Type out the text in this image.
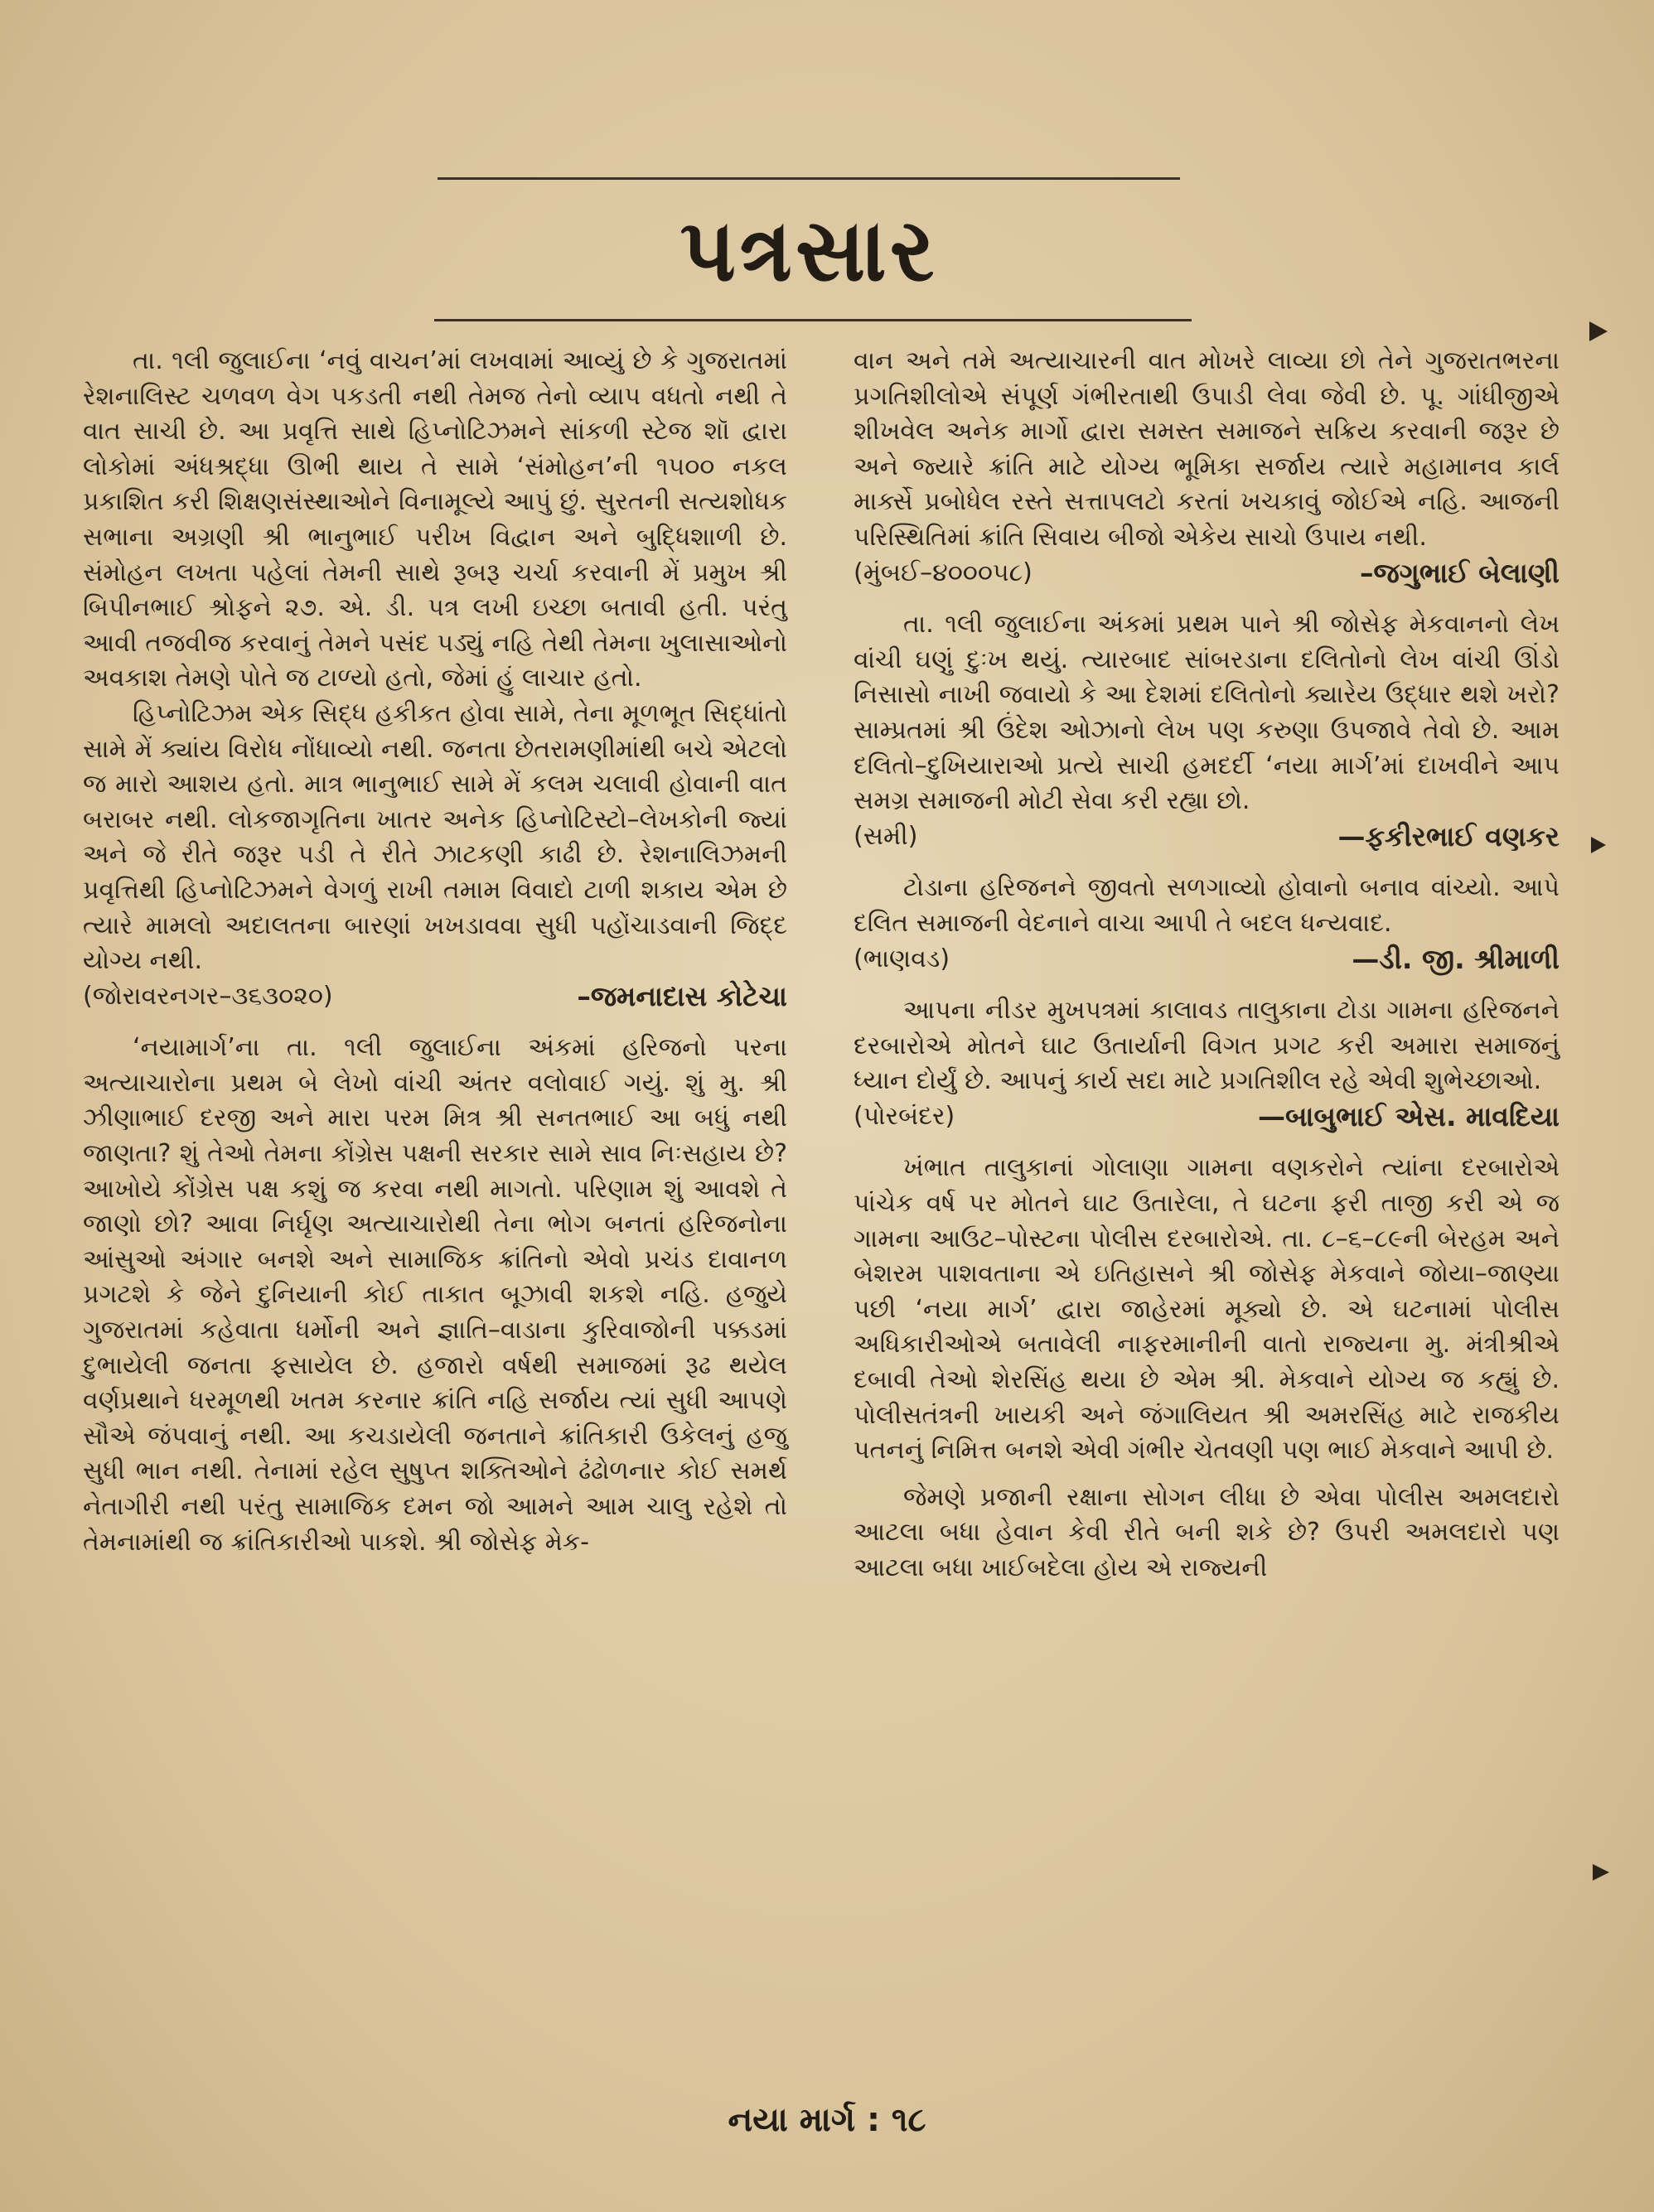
પત્રસાર

તા. ૧લી જુલાઈના ‘નવું વાચન’માં લખવામાં આવ્યું છે કે ગુજરાતમાં રેશનાલિસ્ટ ચળવળ વેગ પકડતી નથી તેમજ તેનો વ્યાપ વધતો નથી તે વાત સાચી છે. આ પ્રવૃત્તિ સાથે હિપ્નોટિઝમને સાંકળી સ્ટેજ શૉ દ્વારા લોકોમાં અંધશ્રદ્ધા ઊભી થાય તે સામે ‘સંમોહન’ની ૧૫૦૦ નકલ પ્રકાશિત કરી શિક્ષણસંસ્થાઓને વિનામૂલ્યે આપું છું. સુરતની સત્યશોધક સભાના અગ્રણી શ્રી ભાનુભાઈ પરીખ વિદ્વાન અને બુદ્ધિશાળી છે. સંમોહન લખતા પહેલાં તેમની સાથે રૂબરૂ ચર્ચા કરવાની મેં પ્રમુખ શ્રી બિપીનભાઈ શ્રોફને ૨૭. એ. ડી. પત્ર લખી ઇચ્છા બતાવી હતી. પરંતુ આવી તજવીજ કરવાનું તેમને પસંદ પડ્યું નહિ તેથી તેમના ખુલાસાઓનો અવકાશ તેમણે પોતે જ ટાળ્યો હતો, જેમાં હું લાચાર હતો.

હિપ્નોટિઝમ એક સિદ્ધ હકીકત હોવા સામે, તેના મૂળભૂત સિદ્ધાંતો સામે મેં ક્યાંય વિરોધ નોંધાવ્યો નથી. જનતા છેતરામણીમાંથી બચે એટલો જ મારો આશય હતો. માત્ર ભાનુભાઈ સામે મેં કલમ ચલાવી હોવાની વાત બરાબર નથી. લોકજાગૃતિના ખાતર અનેક હિપ્નોટિસ્ટો–લેખકોની જ્યાં અને જે રીતે જરૂર પડી તે રીતે ઝાટકણી કાઢી છે. રેશનાલિઝમની પ્રવૃત્તિથી હિપ્નોટિઝમને વેગળું રાખી તમામ વિવાદો ટાળી શકાય એમ છે ત્યારે મામલો અદાલતના બારણાં ખખડાવવા સુધી પહોંચાડવાની જિદ્દ યોગ્ય નથી.

(જોરાવરનગર–૩૬૩૦૨૦)	–જમનાદાસ કોટેચા

‘નયામાર્ગ’ના તા. ૧લી જુલાઈના અંકમાં હરિજનો પરના અત્યાચારોના પ્રથમ બે લેખો વાંચી અંતર વલોવાઈ ગયું. શું મુ. શ્રી ઝીણાભાઈ દરજી અને મારા પરમ મિત્ર શ્રી સનતભાઈ આ બધું નથી જાણતા? શું તેઓ તેમના કોંગ્રેસ પક્ષની સરકાર સામે સાવ નિઃસહાય છે? આખોયે કોંગ્રેસ પક્ષ કશું જ કરવા નથી માગતો. પરિણામ શું આવશે તે જાણો છો? આવા નિર્ઘૃણ અત્યાચારોથી તેના ભોગ બનતાં હરિજનોના આંસુઓ અંગાર બનશે અને સામાજિક ક્રાંતિનો એવો પ્રચંડ દાવાનળ પ્રગટશે કે જેને દુનિયાની કોઈ તાકાત બૂઝાવી શકશે નહિ. હજુયે ગુજરાતમાં કહેવાતા ધર્મોની અને જ્ઞાતિ–વાડાના કુરિવાજોની પક્કડમાં દુભાયેલી જનતા ફસાયેલ છે. હજારો વર્ષથી સમાજમાં રૂઢ થયેલ વર્ણપ્રથાને ધરમૂળથી ખતમ કરનાર ક્રાંતિ નહિ સર્જાય ત્યાં સુધી આપણે સૌએ જંપવાનું નથી. આ કચડાયેલી જનતાને ક્રાંતિકારી ઉકેલનું હજુ સુધી ભાન નથી. તેનામાં રહેલ સુષુપ્ત શક્તિઓને ઢંઢોળનાર કોઈ સમર્થ નેતાગીરી નથી પરંતુ સામાજિક દમન જો આમને આમ ચાલુ રહેશે તો તેમનામાંથી જ ક્રાંતિકારીઓ પાકશે. શ્રી જોસેફ મેક-

વાન અને તમે અત્યાચારની વાત મોખરે લાવ્યા છો તેને ગુજરાતભરના પ્રગતિશીલોએ સંપૂર્ણ ગંભીરતાથી ઉપાડી લેવા જેવી છે. પૂ. ગાંધીજીએ શીખવેલ અનેક માર્ગો દ્વારા સમસ્ત સમાજને સક્રિય કરવાની જરૂર છે અને જ્યારે ક્રાંતિ માટે યોગ્ય ભૂમિકા સર્જાય ત્યારે મહામાનવ કાર્લ માર્ક્સે પ્રબોધેલ રસ્તે સત્તાપલટો કરતાં ખચકાવું જોઈએ નહિ. આજની પરિસ્થિતિમાં ક્રાંતિ સિવાય બીજો એકેય સાચો ઉપાય નથી.

(મુંબઈ–૪૦૦૦૫૮)	–જગુભાઈ બેલાણી

તા. ૧લી જુલાઈના અંકમાં પ્રથમ પાને શ્રી જોસેફ મેકવાનનો લેખ વાંચી ઘણું દુઃખ થયું. ત્યારબાદ સાંબરડાના દલિતોનો લેખ વાંચી ઊંડો નિસાસો નાખી જવાયો કે આ દેશમાં દલિતોનો ક્યારેય ઉદ્ધાર થશે ખરો? સામ્પ્રતમાં શ્રી ઉંદેશ ઓઝાનો લેખ પણ કરુણા ઉપજાવે તેવો છે. આમ દલિતો–દુખિયારાઓ પ્રત્યે સાચી હમદર્દી ‘નયા માર્ગ’માં દાખવીને આપ સમગ્ર સમાજની મોટી સેવા કરી રહ્યા છો.

(સમી)	—ફકીરભાઈ વણકર

ટોડાના હરિજનને જીવતો સળગાવ્યો હોવાનો બનાવ વાંચ્યો. આપે દલિત સમાજની વેદનાને વાચા આપી તે બદલ ધન્યવાદ.

(ભાણવડ)	—ડી. જી. શ્રીમાળી

આપના નીડર મુખપત્રમાં કાલાવડ તાલુકાના ટોડા ગામના હરિજનને દરબારોએ મોતને ઘાટ ઉતાર્યાની વિગત પ્રગટ કરી અમારા સમાજનું ધ્યાન દોર્યું છે. આપનું કાર્ય સદા માટે પ્રગતિશીલ રહે એવી શુભેચ્છાઓ.

(પોરબંદર)	—બાબુભાઈ એસ. માવદિયા

ખંભાત તાલુકાનાં ગોલાણા ગામના વણકરોને ત્યાંના દરબારોએ પાંચેક વર્ષ પર મોતને ઘાટ ઉતારેલા, તે ઘટના ફરી તાજી કરી એ જ ગામના આઉટ–પોસ્ટના પોલીસ દરબારોએ. તા. ૮–૬–૮૯ની બેરહમ અને બેશરમ પાશવતાના એ ઇતિહાસને શ્રી જોસેફ મેકવાને જોયા–જાણ્યા પછી ‘નયા માર્ગ’ દ્વારા જાહેરમાં મૂક્યો છે. એ ઘટનામાં પોલીસ અધિકારીઓએ બતાવેલી નાફરમાનીની વાતો રાજ્યના મુ. મંત્રીશ્રીએ દબાવી તેઓ શેરસિંહ થયા છે એમ શ્રી. મેકવાને યોગ્ય જ કહ્યું છે. પોલીસતંત્રની ખાયકી અને જંગાલિયત શ્રી અમરસિંહ માટે રાજકીય પતનનું નિમિત્ત બનશે એવી ગંભીર ચેતવણી પણ ભાઈ મેકવાને આપી છે.

જેમણે પ્રજાની રક્ષાના સોગન લીધા છે એવા પોલીસ અમલદારો આટલા બધા હેવાન કેવી રીતે બની શકે છે? ઉપરી અમલદારો પણ આટલા બધા ખાઈબદેલા હોય એ રાજ્યની

નયા માર્ગ : ૧૮
